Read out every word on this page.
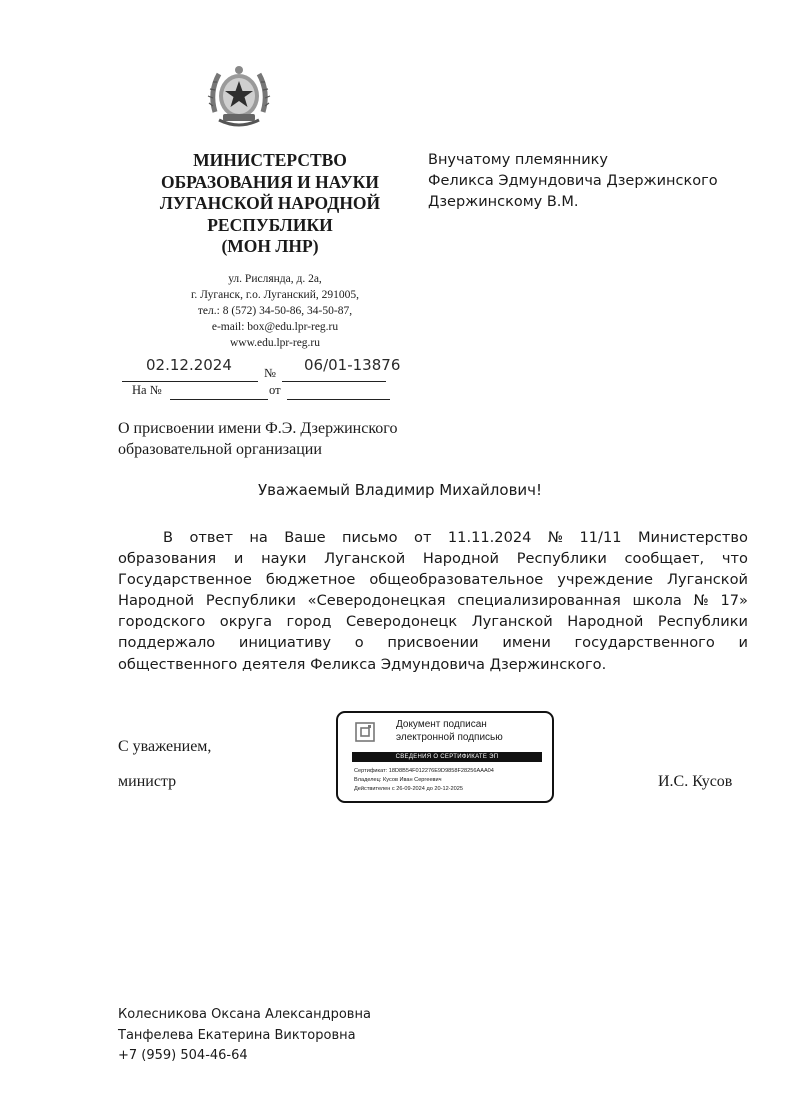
МИНИСТЕРСТВО
ОБРАЗОВАНИЯ И НАУКИ
ЛУГАНСКОЙ НАРОДНОЙ
РЕСПУБЛИКИ
(МОН ЛНР)
Внучатому племяннику
Феликса Эдмундовича Дзержинского
Дзержинскому В.М.
ул. Рисляндa, д. 2а,
г. Луганск, г.о. Луганский, 291005,
тел.: 8 (572) 34-50-86, 34-50-87,
e-mail: box@edu.lpr-reg.ru
www.edu.lpr-reg.ru
02.12.2024	№ 06/01-13876
На №	от
О присвоении имени Ф.Э. Дзержинского
образовательной организации
Уважаемый Владимир Михайлович!
В ответ на Ваше письмо от 11.11.2024 № 11/11 Министерство
образования и науки Луганской Народной Республики сообщает, что
Государственное бюджетное общеобразовательное учреждение Луганской
Народной Республики «Северодонецкая специализированная школа № 17»
городского округа город Северодонецк Луганской Народной Республики
поддержало инициативу о присвоении имени государственного и
общественного деятеля Феликса Эдмундовича Дзержинского.
С уважением,
министр	И.С. Кусов
Документ подписан
электронной подписью
СВЕДЕНИЯ О СЕРТИФИКАТЕ ЭП
Сертификат: 18D8B54F012276E9D9858F28256AAA04
Владелец: Кусов Иван Сергеевич
Действителен с 26-09-2024 до 20-12-2025
Колесникова Оксана Александровна
Танфелева Екатерина Викторовна
+7 (959) 504-46-64
